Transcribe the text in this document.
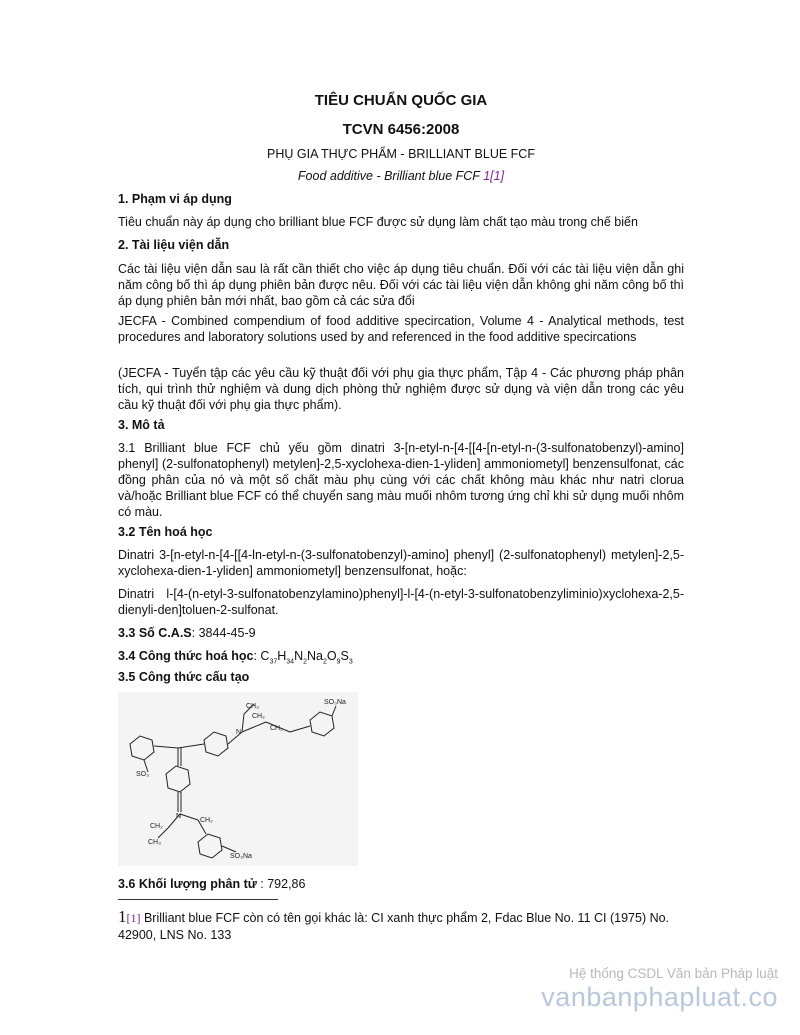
TIÊU CHUẨN QUỐC GIA
TCVN 6456:2008
PHỤ GIA THỰC PHẨM - BRILLIANT BLUE FCF
Food additive - Brilliant blue FCF 1[1]
1. Phạm vi áp dụng
Tiêu chuẩn này áp dụng cho brilliant blue FCF được sử dụng làm chất tạo màu trong chế biến
2. Tài liệu viện dẫn
Các tài liệu viện dẫn sau là rất cần thiết cho việc áp dụng tiêu chuẩn. Đối với các tài liệu viện dẫn ghi năm công bố thì áp dụng phiên bản được nêu. Đối với các tài liệu viện dẫn không ghi năm công bố thì áp dụng phiên bản mới nhất, bao gồm cả các sửa đổi
JECFA - Combined compendium of food additive specircation, Volume 4 - Analytical methods, test procedures and laboratory solutions used by and referenced in the food additive specircations
(JECFA - Tuyển tập các yêu cầu kỹ thuật đối với phụ gia thực phẩm, Tập 4 - Các phương pháp phân tích, qui trình thử nghiệm và dung dịch phòng thử nghiệm được sử dụng và viện dẫn trong các yêu cầu kỹ thuật đối với phụ gia thực phẩm).
3. Mô tả
3.1 Brilliant blue FCF chủ yếu gồm dinatri 3-[n-etyl-n-[4-[[4-[n-etyl-n-(3-sulfonatobenzyl)-amino] phenyl] (2-sulfonatophenyl) metylen]-2,5-xyclohexa-dien-1-yliden] ammoniometyl] benzensulfonat, các đồng phân của nó và một số chất màu phụ cùng với các chất không màu khác như natri clorua và/hoặc Brilliant blue FCF có thể chuyển sang màu muối nhôm tương ứng chỉ khi sử dụng muối nhôm có màu.
3.2 Tên hoá học
Dinatri 3-[n-etyl-n-[4-[[4-ln-etyl-n-(3-sulfonatobenzyl)-amino] phenyl] (2-sulfonatophenyl) metylen]-2,5- xyclohexa-dien-1-yliden] ammoniometyl] benzensulfonat, hoặc:
Dinatri l-[4-(n-etyl-3-sulfonatobenzylamino)phenyl]-l-[4-(n-etyl-3-sulfonatobenzyliminio)xyclohexa-2,5- dienyli-den]toluen-2-sulfonat.
3.3 Số C.A.S: 3844-45-9
3.4 Công thức hoá học: $C_{37}H_{34}N_2Na_2O_9S_3$
3.5 Công thức cấu tạo
SO₃Na
CH₃
CH₂
N
CH₂
SO₃
N
CH₂
CH₂
CH₃
SO₃Na
3.6 Khối lượng phân tử : 792,86
1[1] Brilliant blue FCF còn có tên gọi khác là: CI xanh thực phẩm 2, Fdac Blue No. 11 CI (1975) No. 42900, LNS No. 133
Hệ thống CSDL Văn bản Pháp luật
vanbanphapluat.co
